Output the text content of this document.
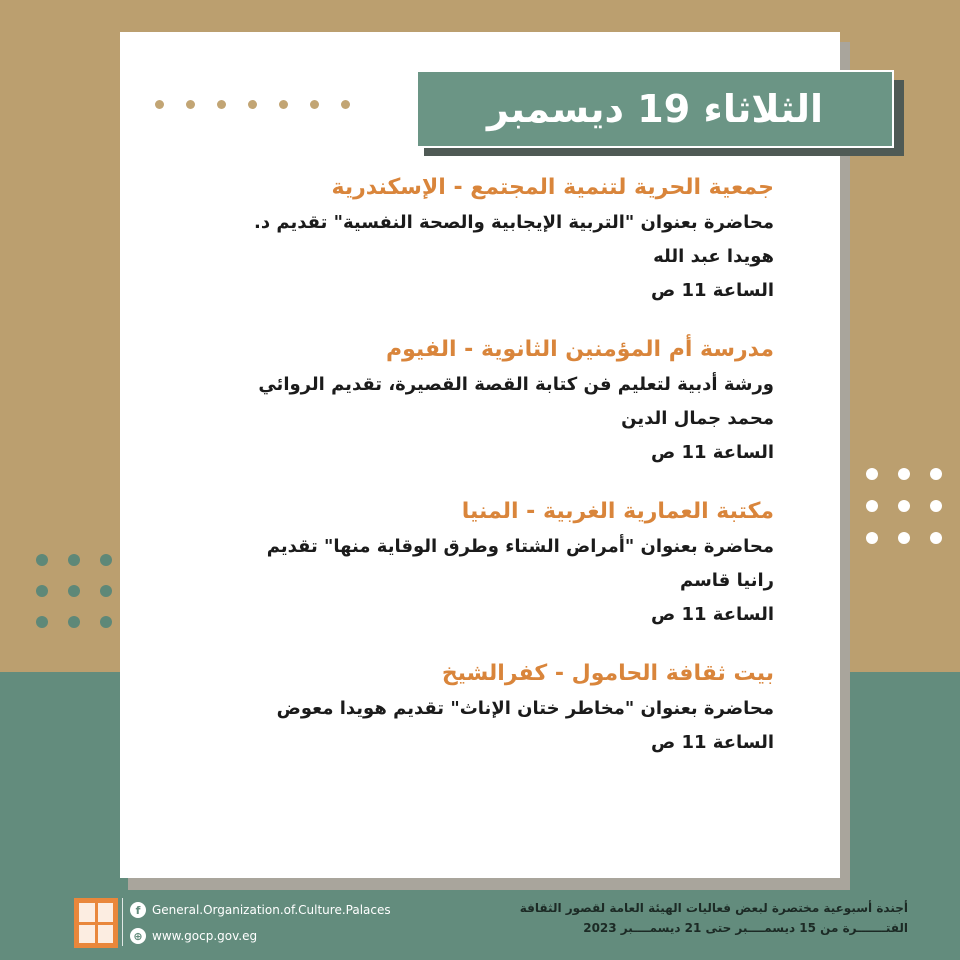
الثلاثاء 19 ديسمبر
جمعية الحرية لتنمية المجتمع - الإسكندرية
محاضرة بعنوان "التربية الإيجابية والصحة النفسية" تقديم د.
هويدا عبد الله
الساعة 11 ص
مدرسة أم المؤمنين الثانوية - الفيوم
ورشة أدبية لتعليم فن كتابة القصة القصيرة، تقديم الروائي
محمد جمال الدين
الساعة 11 ص
مكتبة العمارية الغربية - المنيا
محاضرة بعنوان "أمراض الشتاء وطرق الوقاية منها" تقديم
رانيا قاسم
الساعة 11 ص
بيت ثقافة الحامول - كفرالشيخ
محاضرة بعنوان "مخاطر ختان الإناث" تقديم هويدا معوض
الساعة 11 ص
f General.Organization.of.Culture.Palaces
⊕ www.gocp.gov.eg
أجندة أسبوعية مختصرة لبعض فعاليات الهيئة العامة لقصور الثقافة
الفتـــــــرة من 15 ديسمــــبر حتى 21 ديسمــــبر 2023
